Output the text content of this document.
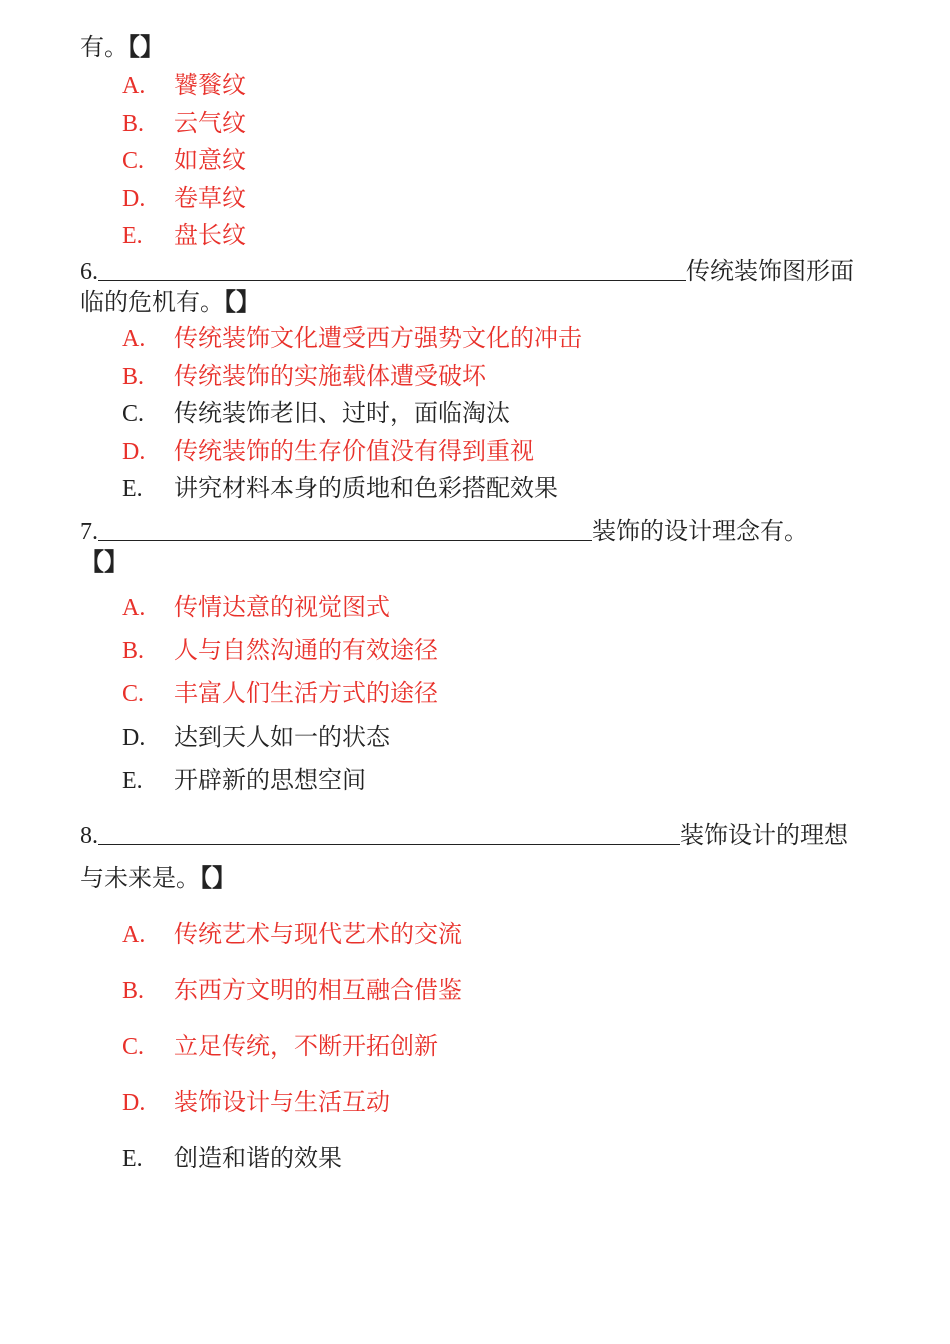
有。【】
A. 饕餮纹
B. 云气纹
C. 如意纹
D. 卷草纹
E. 盘长纹
6.	传统装饰图形面
临的危机有。【】
A. 传统装饰文化遭受西方强势文化的冲击
B. 传统装饰的实施载体遭受破坏
C. 传统装饰老旧、过时，面临淘汰
D. 传统装饰的生存价值没有得到重视
E. 讲究材料本身的质地和色彩搭配效果
7.	装饰的设计理念有。
【】
A. 传情达意的视觉图式
B. 人与自然沟通的有效途径
C. 丰富人们生活方式的途径
D. 达到天人如一的状态
E. 开辟新的思想空间
8.	装饰设计的理想
与未来是。【】
A. 传统艺术与现代艺术的交流
B. 东西方文明的相互融合借鉴
C. 立足传统，不断开拓创新
D. 装饰设计与生活互动
E. 创造和谐的效果
